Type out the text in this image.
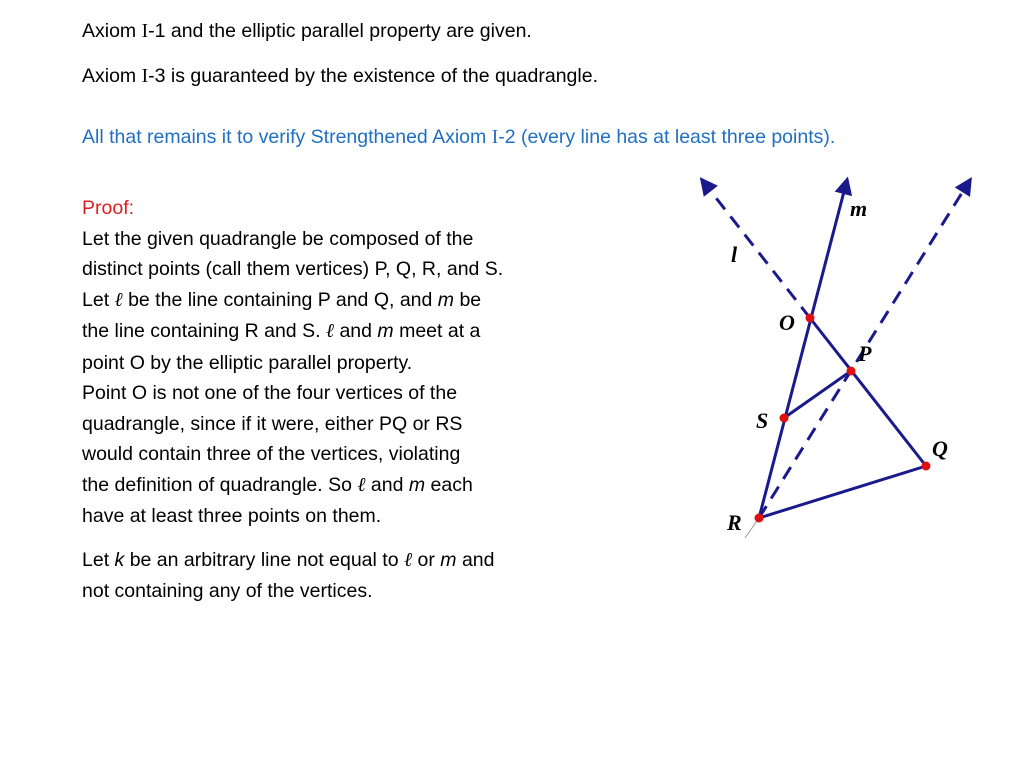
Axiom I-1 and the elliptic parallel property are given.
Axiom I-3 is guaranteed by the existence of the quadrangle.
All that remains it to verify Strengthened Axiom I-2 (every line has at least three points).
Proof:
Let the given quadrangle be composed of the
distinct points (call them vertices) P, Q, R, and S.
Let ℓ be the line containing P and Q, and m be
the line containing R and S. ℓ and m meet at a
point O by the elliptic parallel property.
Point O is not one of the four vertices of the
quadrangle, since if it were, either PQ or RS
would contain three of the vertices, violating
the definition of quadrangle. So ℓ and m each
have at least three points on them.
Let k be an arbitrary line not equal to ℓ or m and
not containing any of the vertices.
m
l
O
P
S
Q
R
